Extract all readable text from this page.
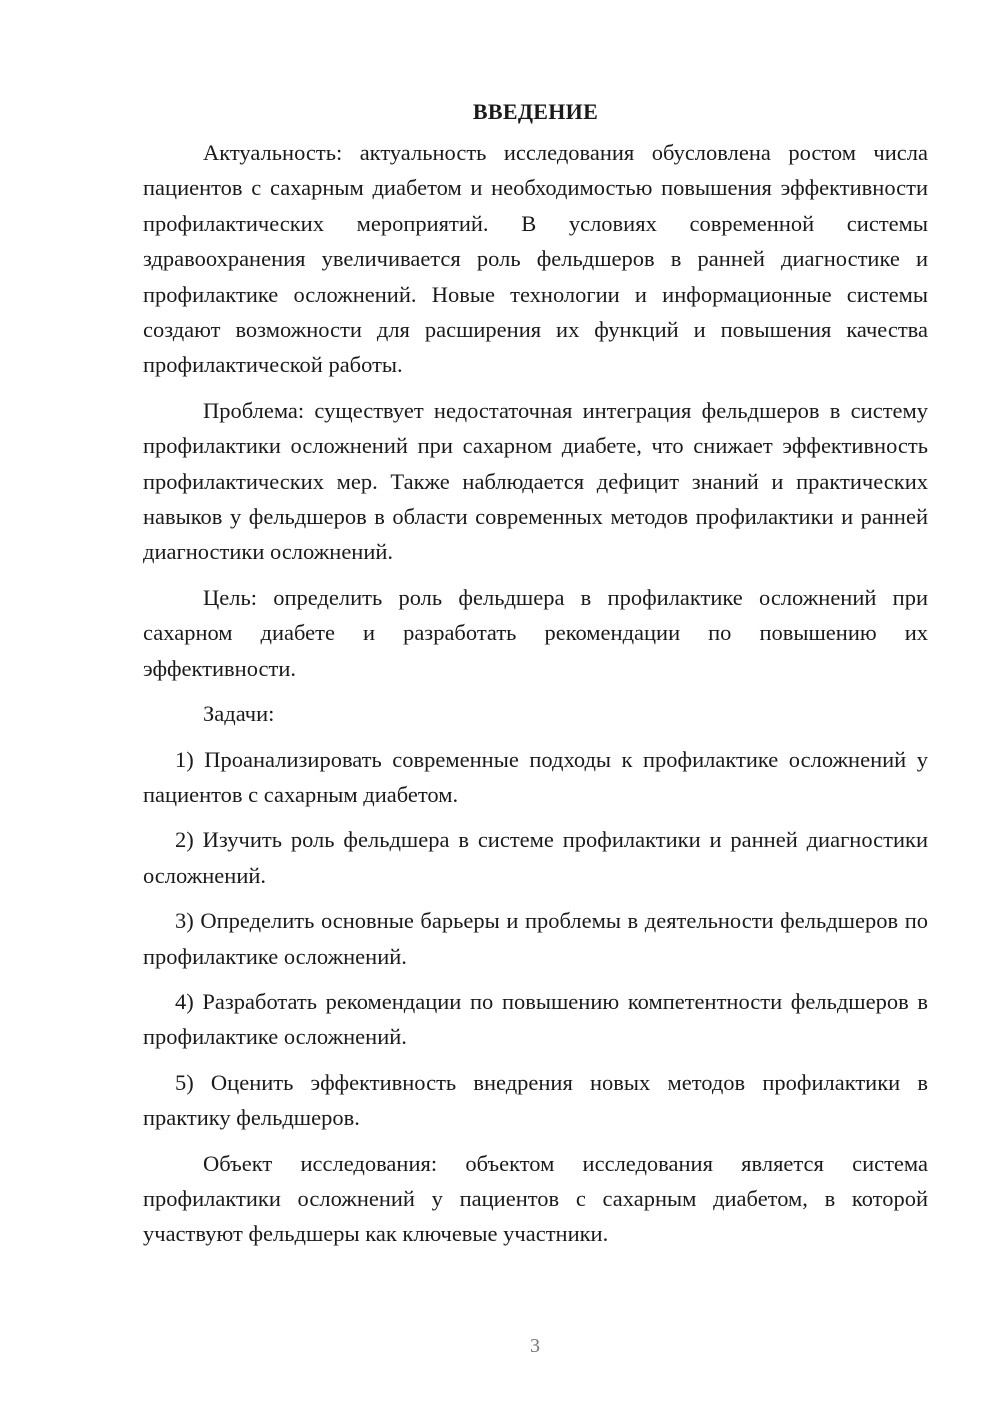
ВВЕДЕНИЕ

Актуальность: актуальность исследования обусловлена ростом числа пациентов с сахарным диабетом и необходимостью повышения эффективности профилактических мероприятий. В условиях современной системы здравоохранения увеличивается роль фельдшеров в ранней диагностике и профилактике осложнений. Новые технологии и информационные системы создают возможности для расширения их функций и повышения качества профилактической работы.

Проблема: существует недостаточная интеграция фельдшеров в систему профилактики осложнений при сахарном диабете, что снижает эффективность профилактических мер. Также наблюдается дефицит знаний и практических навыков у фельдшеров в области современных методов профилактики и ранней диагностики осложнений.

Цель: определить роль фельдшера в профилактике осложнений при сахарном диабете и разработать рекомендации по повышению их эффективности.

Задачи:

1) Проанализировать современные подходы к профилактике осложнений у пациентов с сахарным диабетом.

2) Изучить роль фельдшера в системе профилактики и ранней диагностики осложнений.

3) Определить основные барьеры и проблемы в деятельности фельдшеров по профилактике осложнений.

4) Разработать рекомендации по повышению компетентности фельдшеров в профилактике осложнений.

5) Оценить эффективность внедрения новых методов профилактики в практику фельдшеров.

Объект исследования: объектом исследования является система профилактики осложнений у пациентов с сахарным диабетом, в которой участвуют фельдшеры как ключевые участники.

3
